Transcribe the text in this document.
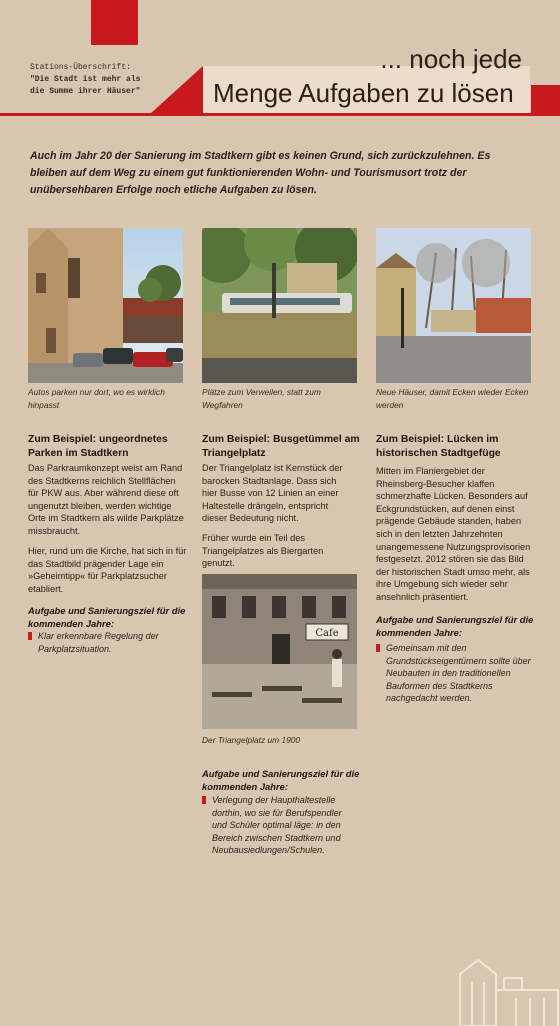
Stations-Überschrift:
"Die Stadt ist mehr als die Summe ihrer Häuser"
... noch jede
Menge Aufgaben zu lösen
Auch im Jahr 20 der Sanierung im Stadtkern gibt es keinen Grund, sich zurückzulehnen. Es bleiben auf dem Weg zu einem gut funktionierenden Wohn- und Tourismusort trotz der unübersehbaren Erfolge noch etliche Aufgaben zu lösen.
Autos parken nur dort, wo es wirklich hinpasst
Zum Beispiel: ungeordnetes Parken im Stadtkern
Das Parkraumkonzept weist am Rand des Stadtkerns reichlich Stellflächen für PKW aus. Aber während diese oft ungenutzt bleiben, werden wichtige Orte im Stadtkern als wilde Parkplätze missbraucht.
Hier, rund um die Kirche, hat sich in für das Stadtbild prägender Lage ein »Geheimtipp« für Parkplatzsucher etabliert.
Aufgabe und Sanierungsziel für die kommenden Jahre:
Klar erkennbare Regelung der Parkplatzsituation.
Plätze zum Verweilen, statt zum Wegfahren
Zum Beispiel: Busgetümmel am Triangelplatz
Der Triangelplatz ist Kernstück der barocken Stadtanlage. Dass sich hier Busse von 12 Linien an einer Haltestelle drängeln, entspricht dieser Bedeutung nicht.
Früher wurde ein Teil des Triangelplatzes als Biergarten genutzt.
Cafe
Der Triangelplatz um 1900
Aufgabe und Sanierungsziel für die kommenden Jahre:
Verlegung der Haupthaltestelle dorthin, wo sie für Berufspendler und Schüler optimal läge: in den Bereich zwischen Stadtkern und Neubausiedlungen/Schulen.
Neue Häuser, damit Ecken wieder Ecken werden
Zum Beispiel: Lücken im historischen Stadtgefüge
Mitten im Flaniergebiet der Rheinsberg-Besucher klaffen schmerzhafte Lücken. Besonders auf Eckgrundstücken, auf denen einst prägende Gebäude standen, haben sich in den letzten Jahrzehnten unangemessene Nutzungsprovisorien festgesetzt. 2012 stören sie das Bild der historischen Stadt umso mehr, als ihre Umgebung sich wieder sehr ansehnlich präsentiert.
Aufgabe und Sanierungsziel für die kommenden Jahre:
Gemeinsam mit den Grundstückseigentümern sollte über Neubauten in den traditionellen Bauformen des Stadtkerns nachgedacht werden.
